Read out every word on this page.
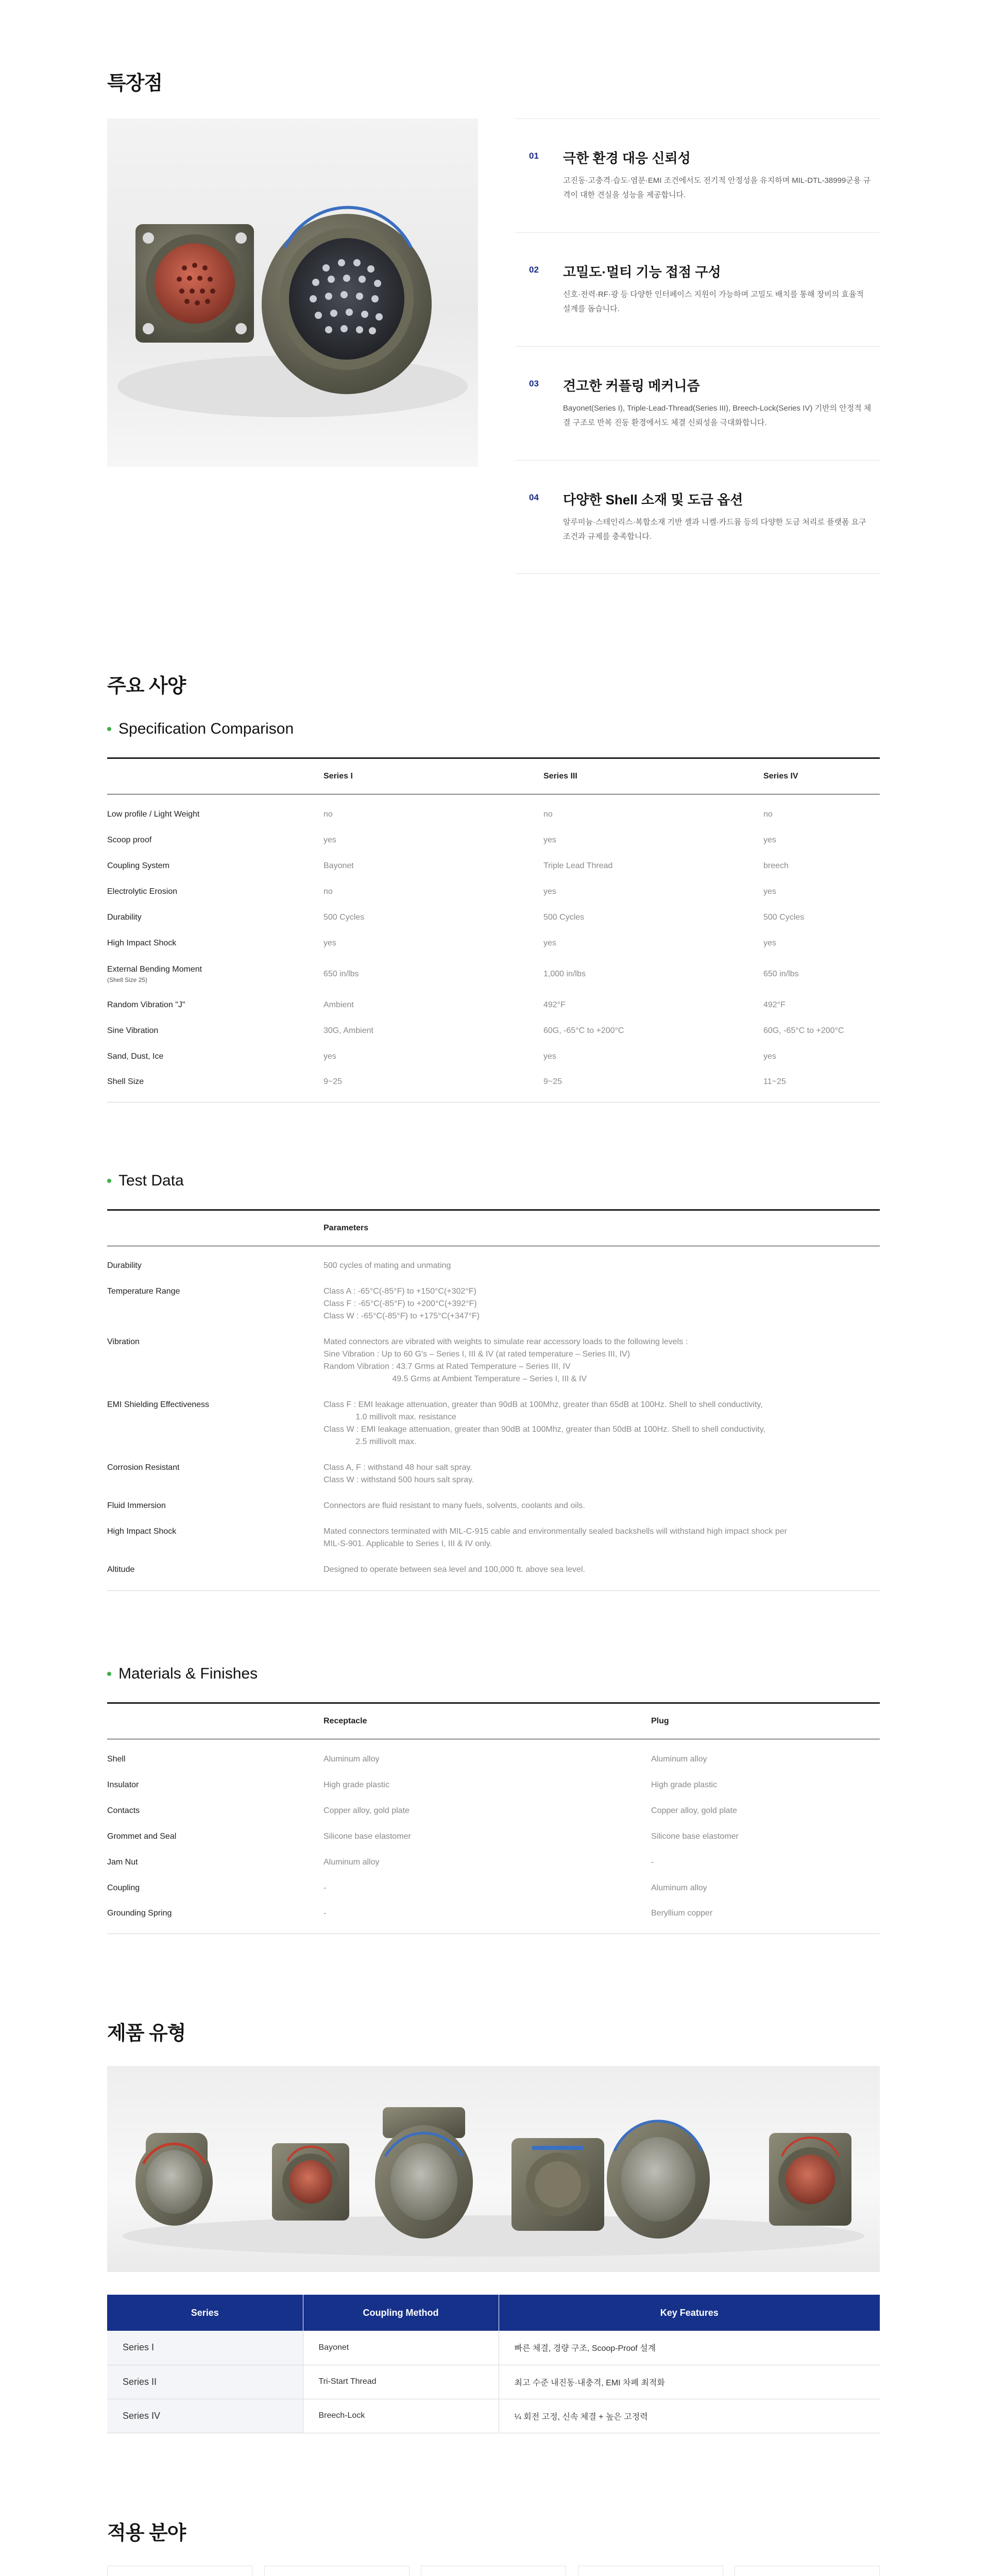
특장점
01 극한 환경 대응 신뢰성
고진동·고충격·습도·염분·EMI 조건에서도 전기적 안정성을 유지하며 MIL-DTL-38999군용 규격이 대한 견실을 성능을 제공합니다.
02 고밀도·멀티 기능 접점 구성
신호·전력·RF·광 등 다양한 인터페이스 지원이 가능하며 고밀도 배치를 통해 장비의 효율적 설계를 돕습니다.
03 견고한 커플링 메커니즘
Bayonet(Series I), Triple-Lead-Thread(Series III), Breech-Lock(Series IV) 기반의 안정적 체결 구조로 반복 진동 환경에서도 체결 신뢰성을 극대화합니다.
04 다양한 Shell 소재 및 도금 옵션
알루미늄·스테인리스·복합소재 기반 셸과 니켈·카드뮴 등의 다양한 도금 처리로 플랫폼 요구조건과 규제를 충족합니다.
주요 사양
Specification Comparison
	Series I	Series III	Series IV
Low profile / Light Weight	no	no	no
Scoop proof	yes	yes	yes
Coupling System	Bayonet	Triple Lead Thread	breech
Electrolytic Erosion	no	yes	yes
Durability	500 Cycles	500 Cycles	500 Cycles
High Impact Shock	yes	yes	yes
External Bending Moment
(Shell Size 25)	650 in/lbs	1,000 in/lbs	650 in/lbs
Random Vibration "J"	Ambient	492°F	492°F
Sine Vibration	30G, Ambient	60G, -65°C to +200°C	60G, -65°C to +200°C
Sand, Dust, Ice	yes	yes	yes
Shell Size	9~25	9~25	11~25
Test Data
	Parameters
Durability	500 cycles of mating and unmating

Temperature Range	Class A : -65°C(-85°F) to +150°C(+302°F)
Class F : -65°C(-85°F) to +200°C(+392°F)
Class W : -65°C(-85°F) to +175°C(+347°F)

Vibration	Mated connectors are vibrated with weights to simulate rear accessory loads to the following levels :
Sine Vibration : Up to 60 G's – Series I, III & IV (at rated temperature – Series III, IV)
Random Vibration : 43.7 Grms at Rated Temperature – Series III, IV
49.5 Grms at Ambient Temperature – Series I, III & IV

EMI Shielding Effectiveness	Class F : EMI leakage attenuation, greater than 90dB at 100Mhz, greater than 65dB at 100Hz. Shell to shell conductivity,
1.0 millivolt max. resistance
Class W : EMI leakage attenuation, greater than 90dB at 100Mhz, greater than 50dB at 100Hz. Shell to shell conductivity,
2.5 millivolt max.

Corrosion Resistant	Class A, F : withstand 48 hour salt spray.
Class W : withstand 500 hours salt spray.

Fluid Immersion	Connectors are fluid resistant to many fuels, solvents, coolants and oils.

High Impact Shock	Mated connectors terminated with MIL-C-915 cable and environmentally sealed backshells will withstand high impact shock per
MIL-S-901. Applicable to Series I, III & IV only.

Altitude	Designed to operate between sea level and 100,000 ft. above sea level.
Materials & Finishes
	Receptacle	Plug
Shell	Aluminum alloy	Aluminum alloy
Insulator	High grade plastic	High grade plastic
Contacts	Copper alloy, gold plate	Copper alloy, gold plate
Grommet and Seal	Silicone base elastomer	Silicone base elastomer
Jam Nut	Aluminum alloy	-
Coupling	-	Aluminum alloy
Grounding Spring	-	Beryllium copper
제품 유형
Series	Coupling Method	Key Features
Series I	Bayonet	빠른 체결, 경량 구조, Scoop-Proof 설계
Series II	Tri-Start Thread	최고 수준 내진동·내충격, EMI 차폐 최적화
Series IV	Breech-Lock	¼ 회전 고정, 신속 체결 + 높은 고정력
적용 분야
